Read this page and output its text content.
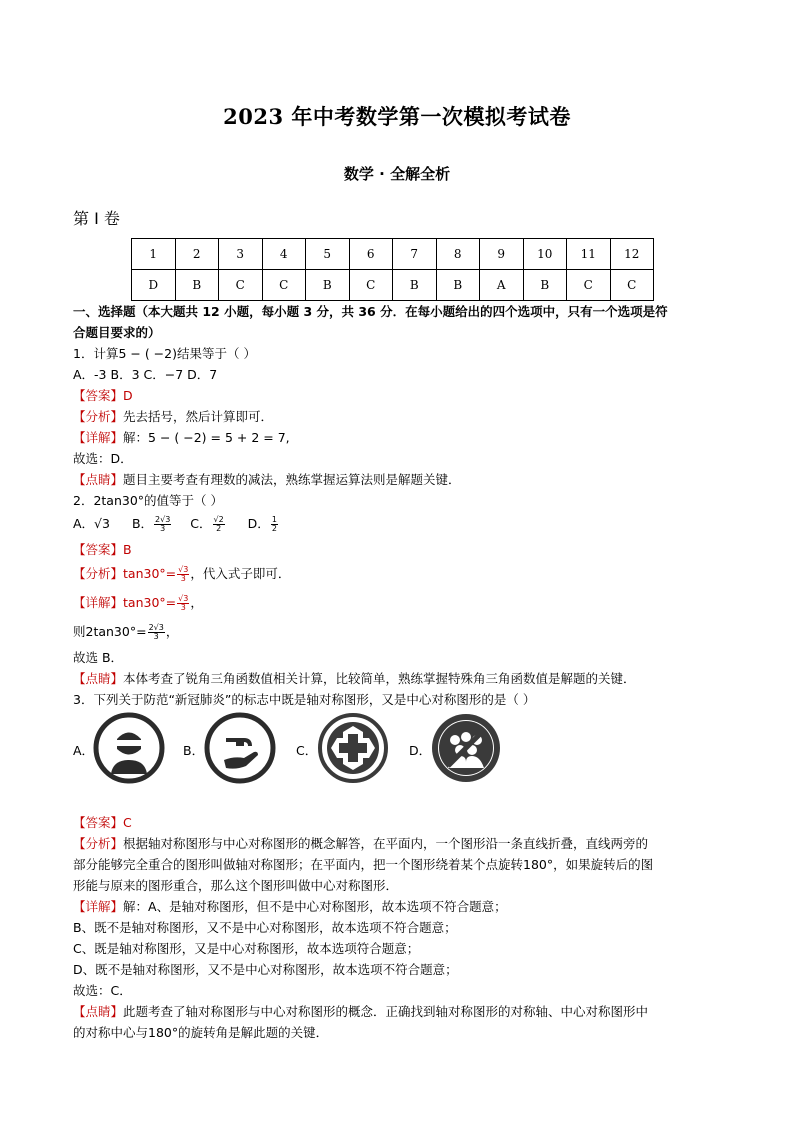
2023 年中考数学第一次模拟考试卷
数学 · 全解全析
第 I 卷
1	2	3	4	5	6	7	8	9	10	11	12
D	B	C	C	B	C	B	B	A	B	C	C
一、选择题（本大题共 12 小题，每小题 3 分，共 36 分．在每小题给出的四个选项中，只有一个选项是符
合题目要求的）
1．计算5 − ( −2)结果等于（ ）
A．-3 B．3 C．−7 D．7
【答案】D
【分析】先去括号，然后计算即可．
【详解】解：5 − ( −2) = 5 + 2 = 7,
故选：D．
【点睛】题目主要考查有理数的减法，熟练掌握运算法则是解题关键．
2．2tan30°的值等于（ ）
A．√3 B． $\frac{2√3}{3}$ C． $\frac{√2}{2}$ D． $\frac{1}{2}$
【答案】B
【分析】$\tan 30^\circ= \frac{√3}{3}$ ，代入式子即可．
【详解】$\tan 30^\circ= \frac{√3}{3}$ ，
则$2\tan 30^\circ= \frac{2√3}{3}$ ，
故选 B．
【点睛】本体考查了锐角三角函数值相关计算，比较简单，熟练掌握特殊角三角函数值是解题的关键．
3．下列关于防范“新冠肺炎”的标志中既是轴对称图形，又是中心对称图形的是（ ）
A．	B．	C．	D．
【答案】C
【分析】根据轴对称图形与中心对称图形的概念解答，在平面内，一个图形沿一条直线折叠，直线两旁的
部分能够完全重合的图形叫做轴对称图形；在平面内，把一个图形绕着某个点旋转180°，如果旋转后的图
形能与原来的图形重合，那么这个图形叫做中心对称图形．
【详解】解：A、是轴对称图形，但不是中心对称图形，故本选项不符合题意；
B、既不是轴对称图形，又不是中心对称图形，故本选项不符合题意；
C、既是轴对称图形，又是中心对称图形，故本选项符合题意；
D、既不是轴对称图形，又不是中心对称图形，故本选项不符合题意；
故选：C．
【点睛】此题考查了轴对称图形与中心对称图形的概念．正确找到轴对称图形的对称轴、中心对称图形中
的对称中心与180°的旋转角是解此题的关键．
